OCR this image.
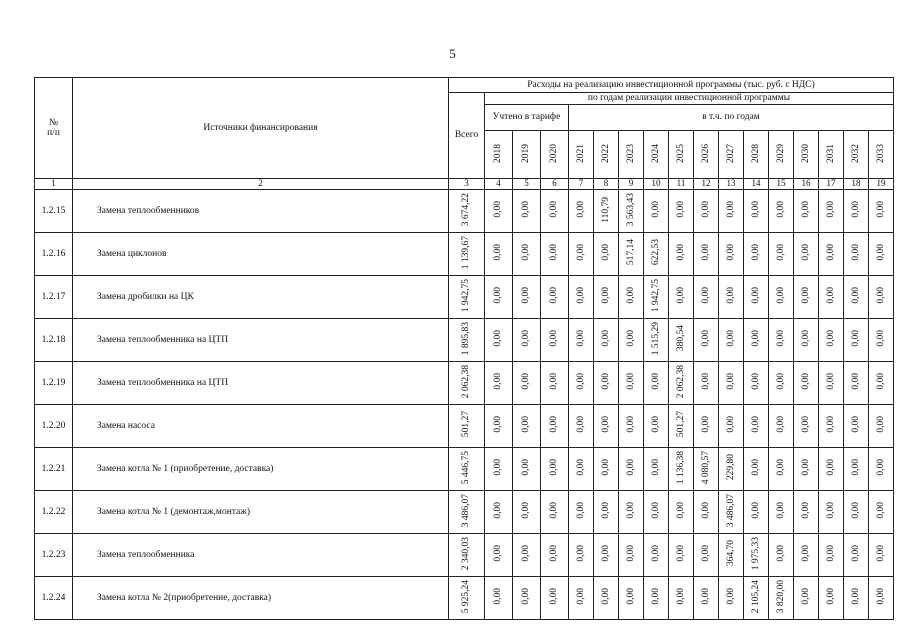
5
№
п/п	Источники финансирования	Расходы на реализацию инвестиционной программы (тыс. руб. с НДС)																
		Всего	по годам реализации инвестиционной программы															
			Учтено в тарифе			в т.ч. по годам												
			2018	2019	2020	2021	2022	2023	2024	2025	2026	2027	2028	2029	2030	2031	2032	2033
1	2	3	4	5	6	7	8	9	10	11	12	13	14	15	16	17	18	19
1.2.15	Замена теплообменников	3 674,22	0,00	0,00	0,00	0,00	110,79	3 563,43	0,00	0,00	0,00	0,00	0,00	0,00	0,00	0,00	0,00	0,00
1.2.16	Замена циклонов	1 139,67	0,00	0,00	0,00	0,00	0,00	517,14	622,53	0,00	0,00	0,00	0,00	0,00	0,00	0,00	0,00	0,00
1.2.17	Замена дробилки на ЦК	1 942,75	0,00	0,00	0,00	0,00	0,00	0,00	1 942,75	0,00	0,00	0,00	0,00	0,00	0,00	0,00	0,00	0,00
1.2.18	Замена теплообменника на ЦТП	1 895,83	0,00	0,00	0,00	0,00	0,00	0,00	1 515,29	380,54	0,00	0,00	0,00	0,00	0,00	0,00	0,00	0,00
1.2.19	Замена теплообменника на ЦТП	2 062,38	0,00	0,00	0,00	0,00	0,00	0,00	0,00	2 062,38	0,00	0,00	0,00	0,00	0,00	0,00	0,00	0,00
1.2.20	Замена насоса	501,27	0,00	0,00	0,00	0,00	0,00	0,00	0,00	501,27	0,00	0,00	0,00	0,00	0,00	0,00	0,00	0,00
1.2.21	Замена котла № 1 (приобретение, доставка)	5 446,75	0,00	0,00	0,00	0,00	0,00	0,00	0,00	1 136,38	4 080,57	229,80	0,00	0,00	0,00	0,00	0,00	0,00
1.2.22	Замена котла № 1 (демонтаж,монтаж)	3 486,07	0,00	0,00	0,00	0,00	0,00	0,00	0,00	0,00	0,00	3 486,07	0,00	0,00	0,00	0,00	0,00	0,00
1.2.23	Замена теплообменника	2 340,03	0,00	0,00	0,00	0,00	0,00	0,00	0,00	0,00	0,00	364,70	1 975,33	0,00	0,00	0,00	0,00	0,00
1.2.24	Замена котла № 2(приобретение, доставка)	5 925,24	0,00	0,00	0,00	0,00	0,00	0,00	0,00	0,00	0,00	0,00	2 105,24	3 820,00	0,00	0,00	0,00	0,00
